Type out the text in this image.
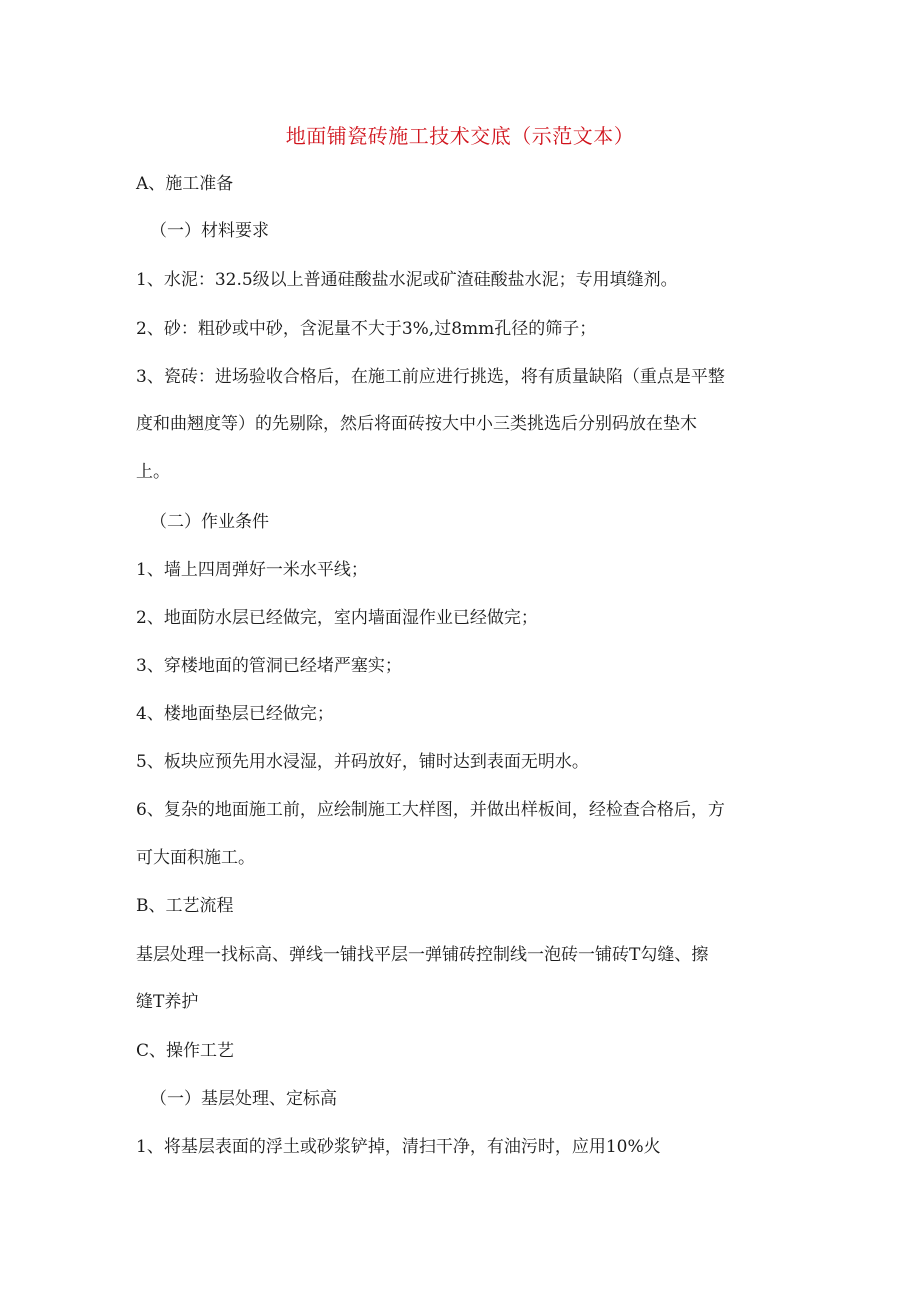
地面铺瓷砖施工技术交底（示范文本）
A、施工准备
（一）材料要求
1、水泥：32.5级以上普通硅酸盐水泥或矿渣硅酸盐水泥；专用填缝剂。
2、砂：粗砂或中砂，含泥量不大于3%,过8mm孔径的筛子；
3、瓷砖：进场验收合格后，在施工前应进行挑选，将有质量缺陷（重点是平整
度和曲翘度等）的先剔除，然后将面砖按大中小三类挑选后分别码放在垫木
上。
（二）作业条件
1、墙上四周弹好一米水平线；
2、地面防水层已经做完，室内墙面湿作业已经做完；
3、穿楼地面的管洞已经堵严塞实；
4、楼地面垫层已经做完；
5、板块应预先用水浸湿，并码放好，铺时达到表面无明水。
6、复杂的地面施工前，应绘制施工大样图，并做出样板间，经检查合格后，方
可大面积施工。
B、工艺流程
基层处理一找标高、弹线一铺找平层一弹铺砖控制线一泡砖一铺砖T勾缝、擦
缝T养护
C、操作工艺
（一）基层处理、定标高
1、将基层表面的浮土或砂浆铲掉，清扫干净，有油污时，应用10%火
